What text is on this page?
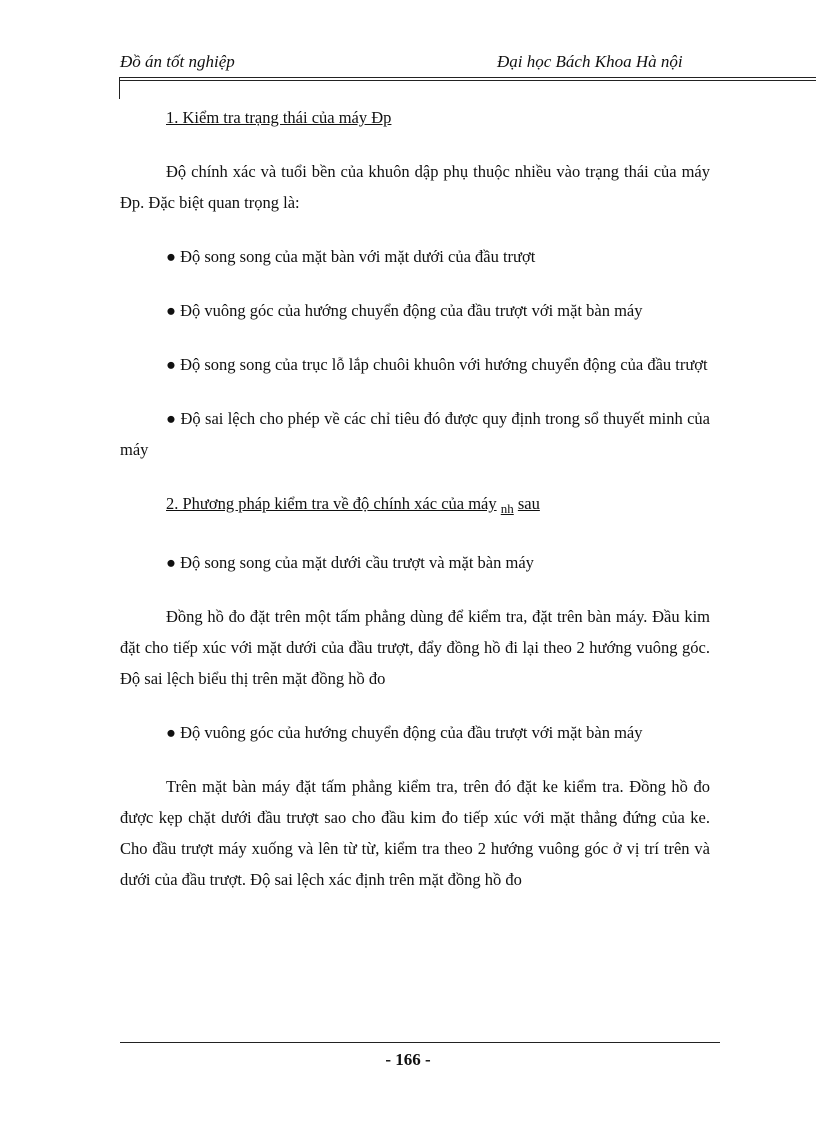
Đồ án tốt nghiệp	Đại học Bách Khoa Hà nội

1. Kiểm tra trạng thái của máy Đp

Độ chính xác và tuổi bền của khuôn dập phụ thuộc nhiều vào trạng thái của máy Đp. Đặc biệt quan trọng là:

● Độ song song của mặt bàn với mặt dưới của đầu trượt

● Độ vuông góc của hướng chuyển động của đầu trượt với mặt bàn máy

● Độ song song của trục lỗ lắp chuôi khuôn với hướng chuyển động của đầu trượt

● Độ sai lệch cho phép về các chỉ tiêu đó được quy định trong sổ thuyết minh của máy

2. Phương pháp kiểm tra về độ chính xác của máy $_{nh}$ sau

● Độ song song của mặt dưới cầu trượt và mặt bàn máy

Đồng hồ đo đặt trên một tấm phẳng dùng để kiểm tra, đặt trên bàn máy. Đầu kim đặt cho tiếp xúc với mặt dưới của đầu trượt, đẩy đồng hồ đi lại theo 2 hướng vuông góc. Độ sai lệch biểu thị trên mặt đồng hồ đo

● Độ vuông góc của hướng chuyển động của đầu trượt với mặt bàn máy

Trên mặt bàn máy đặt tấm phẳng kiểm tra, trên đó đặt ke kiểm tra. Đồng hồ đo được kẹp chặt dưới đầu trượt sao cho đầu kim đo tiếp xúc với mặt thẳng đứng của ke. Cho đầu trượt máy xuống và lên từ từ, kiểm tra theo 2 hướng vuông góc ở vị trí trên và dưới của đầu trượt. Độ sai lệch xác định trên mặt đồng hồ đo

- 166 -
